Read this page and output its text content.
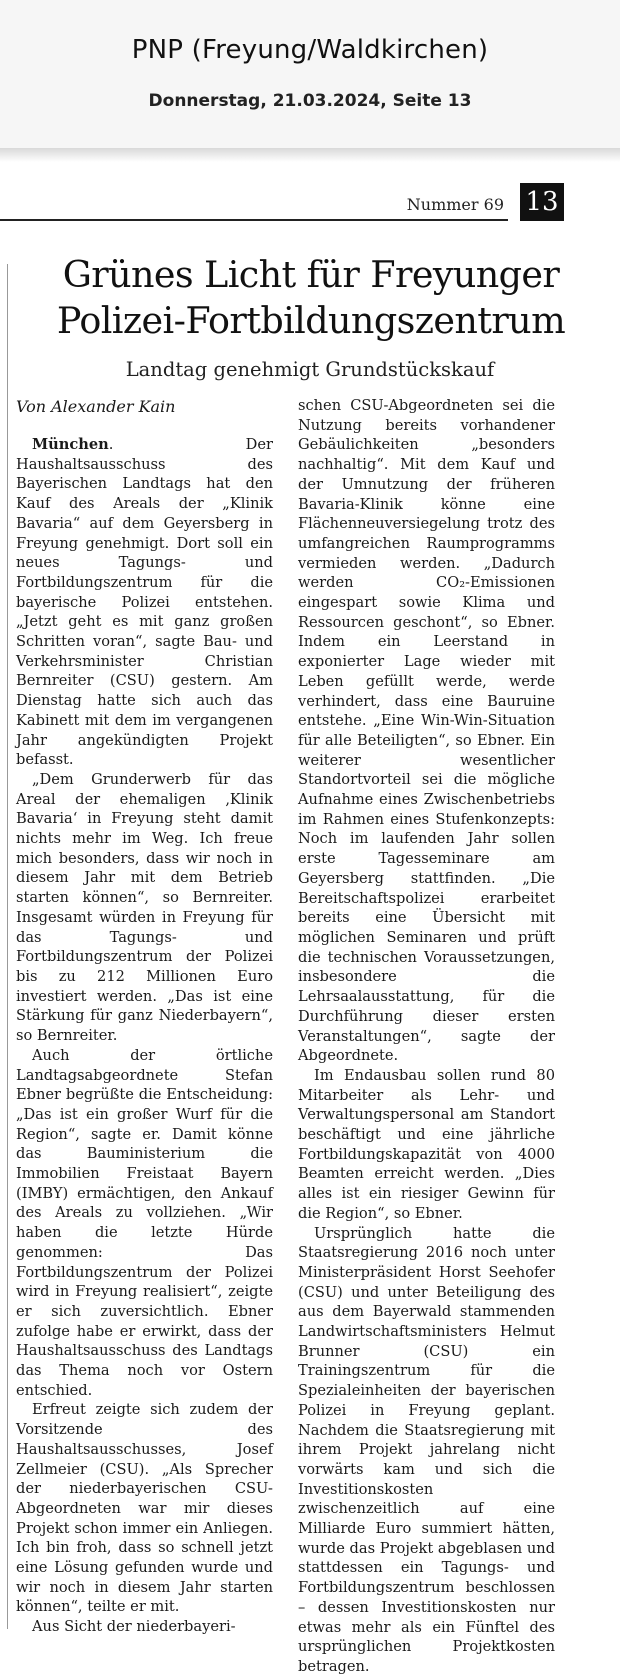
PNP (Freyung/Waldkirchen)
Donnerstag, 21.03.2024, Seite 13
Nummer 69 13
Grünes Licht für Freyunger
Polizei-Fortbildungszentrum
Landtag genehmigt Grundstückskauf

Von Alexander Kain

München. Der Haushaltsausschuss des Bayerischen Landtags hat den Kauf des Areals der „Klinik Bavaria“ auf dem Geyersberg in Freyung genehmigt. Dort soll ein neues Tagungs- und Fortbildungszentrum für die bayerische Polizei entstehen. „Jetzt geht es mit ganz großen Schritten voran“, sagte Bau- und Verkehrsminister Christian Bernreiter (CSU) gestern. Am Dienstag hatte sich auch das Kabinett mit dem im vergangenen Jahr angekündigten Projekt befasst.

„Dem Grunderwerb für das Areal der ehemaligen ‚Klinik Bavaria‘ in Freyung steht damit nichts mehr im Weg. Ich freue mich besonders, dass wir noch in diesem Jahr mit dem Betrieb starten können“, so Bernreiter. Insgesamt würden in Freyung für das Tagungs- und Fortbildungszentrum der Polizei bis zu 212 Millionen Euro investiert werden. „Das ist eine Stärkung für ganz Niederbayern“, so Bernreiter.

Auch der örtliche Landtagsabgeordnete Stefan Ebner begrüßte die Entscheidung: „Das ist ein großer Wurf für die Region“, sagte er. Damit könne das Bauministerium die Immobilien Freistaat Bayern (IMBY) ermächtigen, den Ankauf des Areals zu vollziehen. „Wir haben die letzte Hürde genommen: Das Fortbildungszentrum der Polizei wird in Freyung realisiert“, zeigte er sich zuversichtlich. Ebner zufolge habe er erwirkt, dass der Haushaltsausschuss des Landtags das Thema noch vor Ostern entschied.

Erfreut zeigte sich zudem der Vorsitzende des Haushaltsausschusses, Josef Zellmeier (CSU). „Als Sprecher der niederbayerischen CSU-Abgeordneten war mir dieses Projekt schon immer ein Anliegen. Ich bin froh, dass so schnell jetzt eine Lösung gefunden wurde und wir noch in diesem Jahr starten können“, teilte er mit.

Aus Sicht der niederbayeri-

schen CSU-Abgeordneten sei die Nutzung bereits vorhandener Gebäulichkeiten „besonders nachhaltig“. Mit dem Kauf und der Umnutzung der früheren Bavaria-Klinik könne eine Flächenneuversiegelung trotz des umfangreichen Raumprogramms vermieden werden. „Dadurch werden CO₂-Emissionen eingespart sowie Klima und Ressourcen geschont“, so Ebner. Indem ein Leerstand in exponierter Lage wieder mit Leben gefüllt werde, werde verhindert, dass eine Bauruine entstehe. „Eine Win-Win-Situation für alle Beteiligten“, so Ebner. Ein weiterer wesentlicher Standortvorteil sei die mögliche Aufnahme eines Zwischenbetriebs im Rahmen eines Stufenkonzepts: Noch im laufenden Jahr sollen erste Tagesseminare am Geyersberg stattfinden. „Die Bereitschaftspolizei erarbeitet bereits eine Übersicht mit möglichen Seminaren und prüft die technischen Voraussetzungen, insbesondere die Lehrsaalausstattung, für die Durchführung dieser ersten Veranstaltungen“, sagte der Abgeordnete.

Im Endausbau sollen rund 80 Mitarbeiter als Lehr- und Verwaltungspersonal am Standort beschäftigt und eine jährliche Fortbildungskapazität von 4000 Beamten erreicht werden. „Dies alles ist ein riesiger Gewinn für die Region“, so Ebner.

Ursprünglich hatte die Staatsregierung 2016 noch unter Ministerpräsident Horst Seehofer (CSU) und unter Beteiligung des aus dem Bayerwald stammenden Landwirtschaftsministers Helmut Brunner (CSU) ein Trainingszentrum für die Spezialeinheiten der bayerischen Polizei in Freyung geplant. Nachdem die Staatsregierung mit ihrem Projekt jahrelang nicht vorwärts kam und sich die Investitionskosten zwischenzeitlich auf eine Milliarde Euro summiert hätten, wurde das Projekt abgeblasen und stattdessen ein Tagungs- und Fortbildungszentrum beschlossen – dessen Investitionskosten nur etwas mehr als ein Fünftel des ursprünglichen Projektkosten betragen.
